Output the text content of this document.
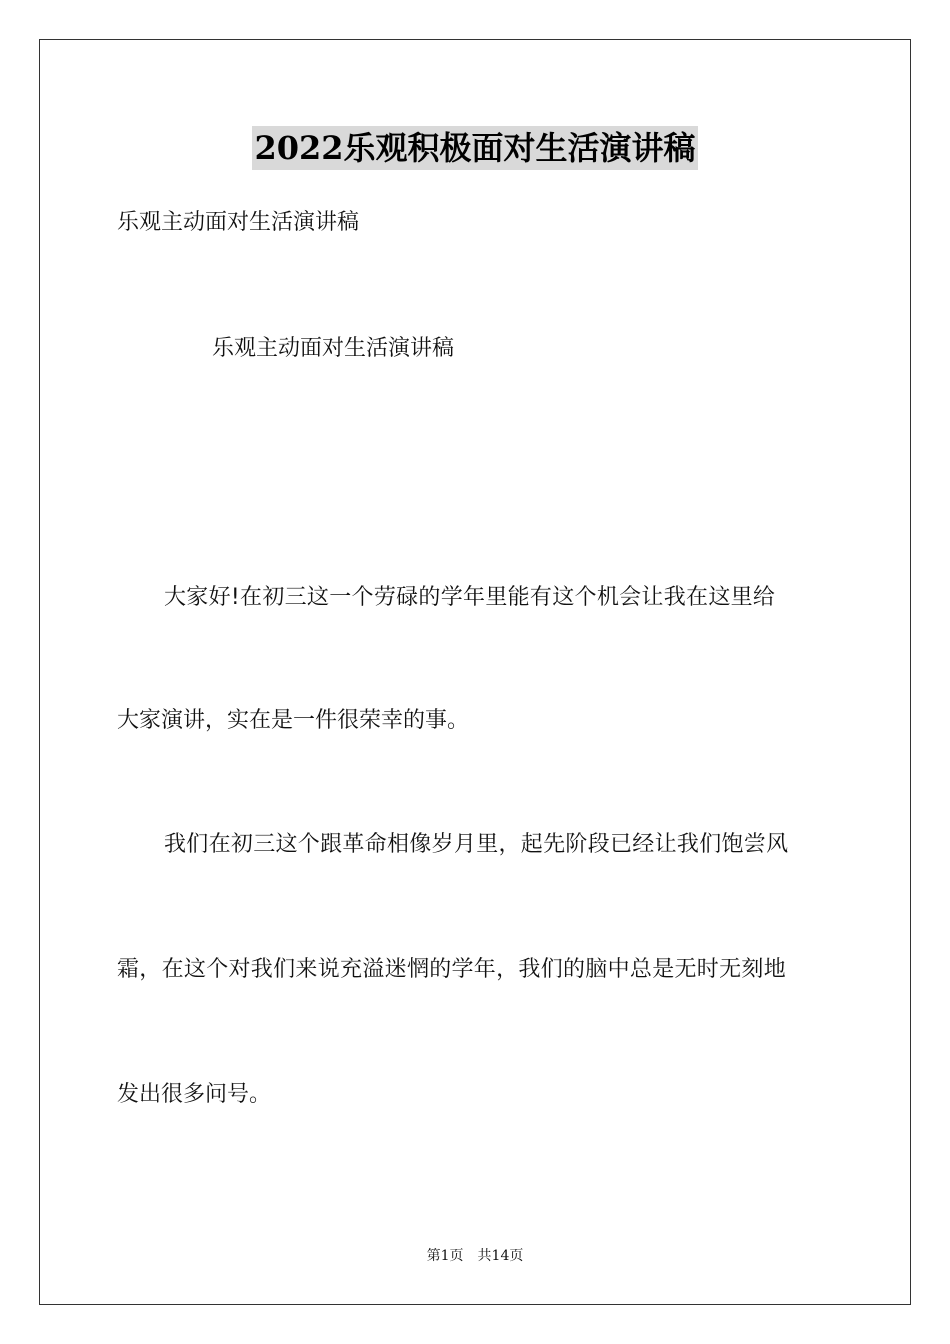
2022乐观积极面对生活演讲稿
乐观主动面对生活演讲稿
乐观主动面对生活演讲稿
大家好!在初三这一个劳碌的学年里能有这个机会让我在这里给
大家演讲，实在是一件很荣幸的事。
我们在初三这个跟革命相像岁月里，起先阶段已经让我们饱尝风
霜，在这个对我们来说充溢迷惘的学年，我们的脑中总是无时无刻地
发出很多问号。
第1页　共14页
